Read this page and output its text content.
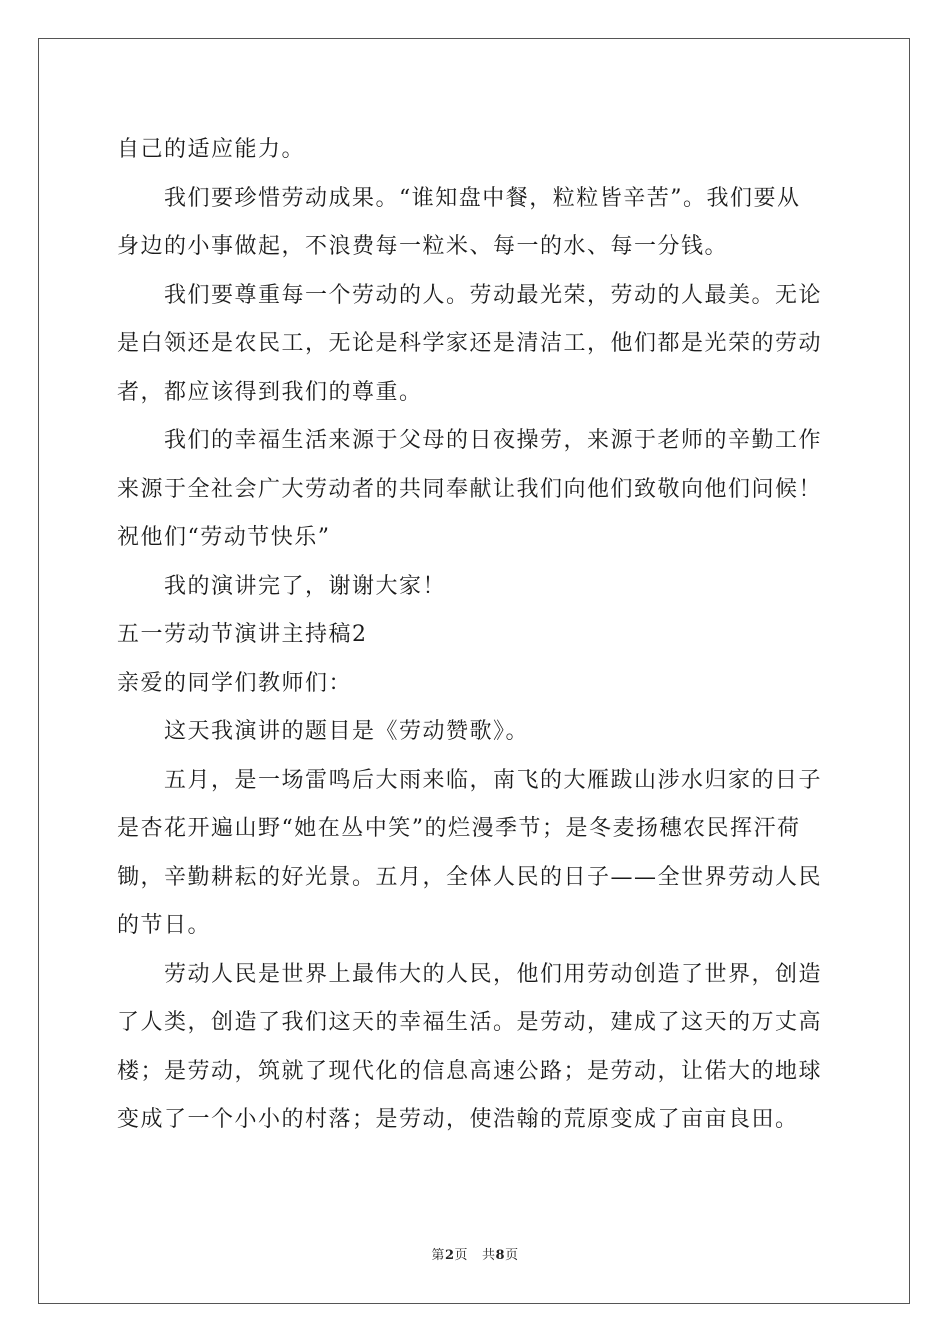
自己的适应能力。
我们要珍惜劳动成果。“谁知盘中餐，粒粒皆辛苦”。我们要从
身边的小事做起，不浪费每一粒米、每一的水、每一分钱。
我们要尊重每一个劳动的人。劳动最光荣，劳动的人最美。无论
是白领还是农民工，无论是科学家还是清洁工，他们都是光荣的劳动
者，都应该得到我们的尊重。
我们的幸福生活来源于父母的日夜操劳，来源于老师的辛勤工作
来源于全社会广大劳动者的共同奉献让我们向他们致敬向他们问候！
祝他们“劳动节快乐”
我的演讲完了，谢谢大家！
五一劳动节演讲主持稿2
亲爱的同学们教师们：
这天我演讲的题目是《劳动赞歌》。
五月，是一场雷鸣后大雨来临，南飞的大雁跋山涉水归家的日子
是杏花开遍山野“她在丛中笑”的烂漫季节；是冬麦扬穗农民挥汗荷
锄，辛勤耕耘的好光景。五月，全体人民的日子——全世界劳动人民
的节日。
劳动人民是世界上最伟大的人民，他们用劳动创造了世界，创造
了人类，创造了我们这天的幸福生活。是劳动，建成了这天的万丈高
楼；是劳动，筑就了现代化的信息高速公路；是劳动，让偌大的地球
变成了一个小小的村落；是劳动，使浩翰的荒原变成了亩亩良田。
第2页 共8页
